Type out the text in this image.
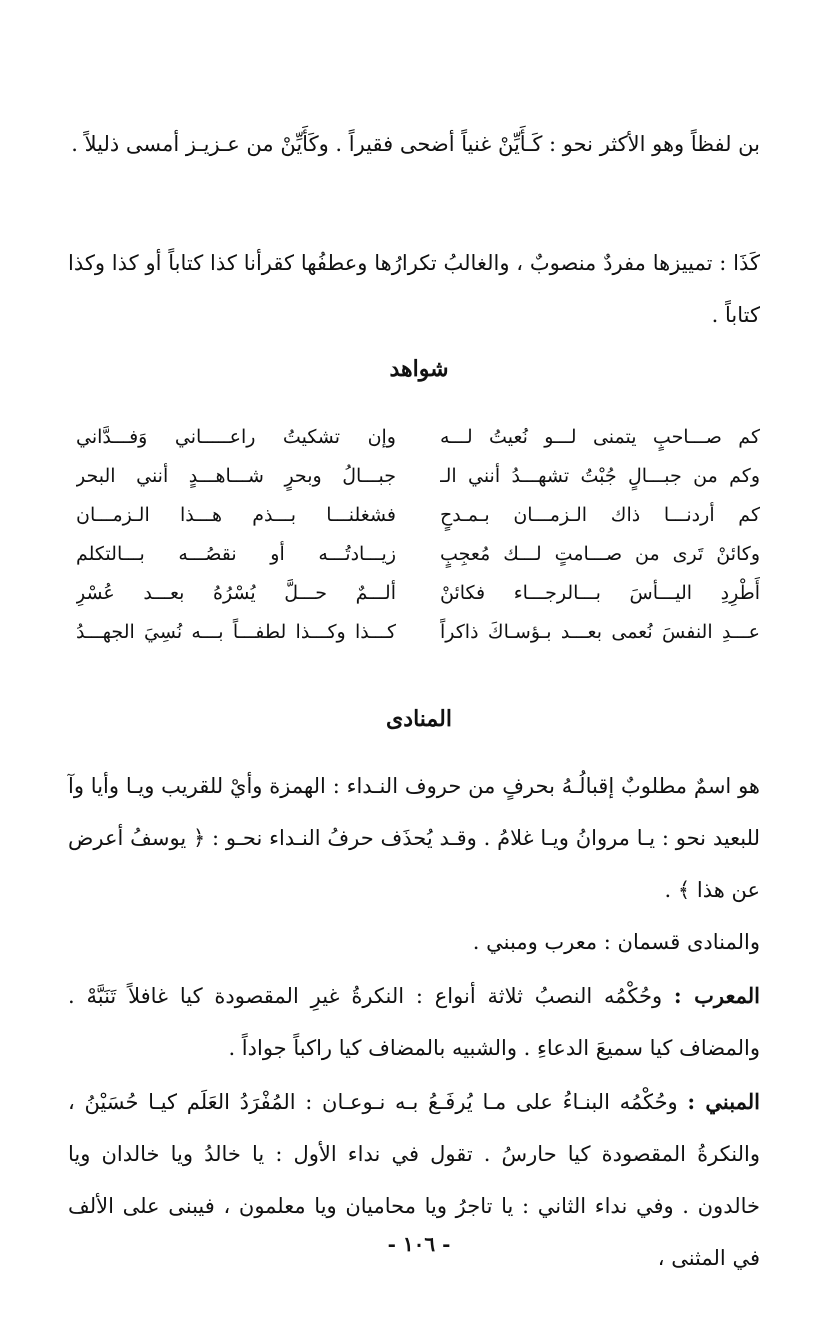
بن لفظاً وهو الأكثر نحو : كَـأَيِّنْ غنياً أضحى فقيراً . وكَأَيِّنْ من عـزيـز أمسى ذليلاً .

كَذَا : تمييزها مفردٌ منصوبٌ ، والغالبُ تكرارُها وعطفُها كقرأنا كذا كتاباً أو كذا وكذا كتاباً .

شواهد
كم صـــاحبٍ يتمنى لـــو نُعيتُ لـــه
وإن تشكيتُ راعـــــاني وَفـــدَّاني
وكم من جبـــالٍ جُبْتُ تشهـــدُ أنني الـ
جبـــالُ وبحرٍ شـــاهـــدٍ أنني البحر
كم أردنـــا ذاك الـزمـــان بـمـدحٍ
فشغلنـــا بـــذم هـــذا الـزمـــان
وكائنْ تَرى من صـــامتٍ لـــك مُعجِبٍ
زيـــادتُـــه أو نقصُـــه بـــالتكلم
أَطْرِدِ اليـــأسَ بـــالرجـــاء فكائنْ
ألـــمٌ حـــلَّ يُسْرُهُ بعـــد عُسْرِ
عـــدِ النفسَ نُعمى بعـــد بـؤسـاكَ ذاكراً
كـــذا وكـــذا لطفـــاً بـــه نُسِيَ الجهـــدُ
المنادى

هو اسمٌ مطلوبٌ إقبالُـهُ بحرفٍ من حروف النـداء : الهمزة وأيْ للقريب ويـا وأيا وآ للبعيد نحو : يـا مروانُ ويـا غلامُ . وقـد يُحذَف حرفُ النـداء نحـو : ﴿ يوسفُ أعرض عن هذا ﴾ .

والمنادى قسمان : معرب ومبني .

المعرب : وحُكْمُه النصبُ ثلاثة أنواع : النكرةُ غيرِ المقصودة كيا غافلاً تَنَبَّهْ . والمضاف كيا سميعَ الدعاءِ . والشبيه بالمضاف كيا راكباً جواداً .

المبني : وحُكْمُه البنـاءُ على مـا يُرفَـعُ بـه نـوعـان : المُفْرَدُ العَلَم كيـا حُسَيْنُ ، والنكرةُ المقصودة كيا حارسُ . تقول في نداء الأول : يا خالدُ ويا خالدان ويا خالدون . وفي نداء الثاني : يا تاجرُ ويا محاميان ويا معلمون ، فيبنى على الألف في المثنى ،

- ١٠٦ -
